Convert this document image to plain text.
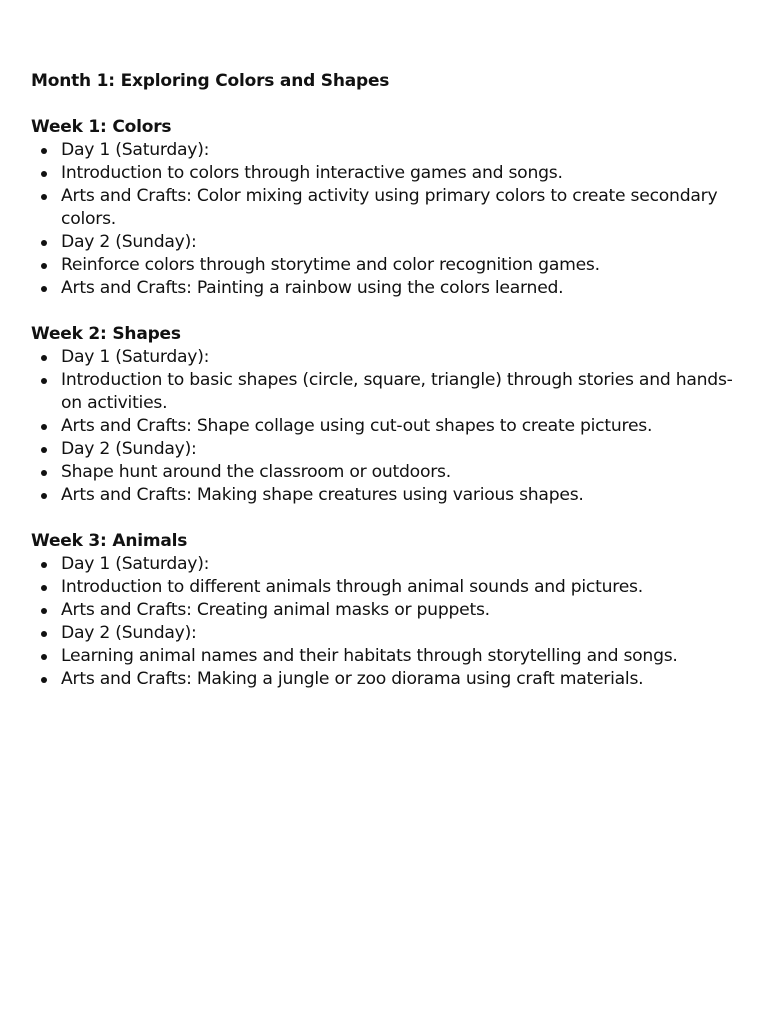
Month 1: Exploring Colors and Shapes
Week 1: Colors
Day 1 (Saturday):
Introduction to colors through interactive games and songs.
Arts and Crafts: Color mixing activity using primary colors to create secondary colors.
Day 2 (Sunday):
Reinforce colors through storytime and color recognition games.
Arts and Crafts: Painting a rainbow using the colors learned.
Week 2: Shapes
Day 1 (Saturday):
Introduction to basic shapes (circle, square, triangle) through stories and hands-on activities.
Arts and Crafts: Shape collage using cut-out shapes to create pictures.
Day 2 (Sunday):
Shape hunt around the classroom or outdoors.
Arts and Crafts: Making shape creatures using various shapes.
Week 3: Animals
Day 1 (Saturday):
Introduction to different animals through animal sounds and pictures.
Arts and Crafts: Creating animal masks or puppets.
Day 2 (Sunday):
Learning animal names and their habitats through storytelling and songs.
Arts and Crafts: Making a jungle or zoo diorama using craft materials.
